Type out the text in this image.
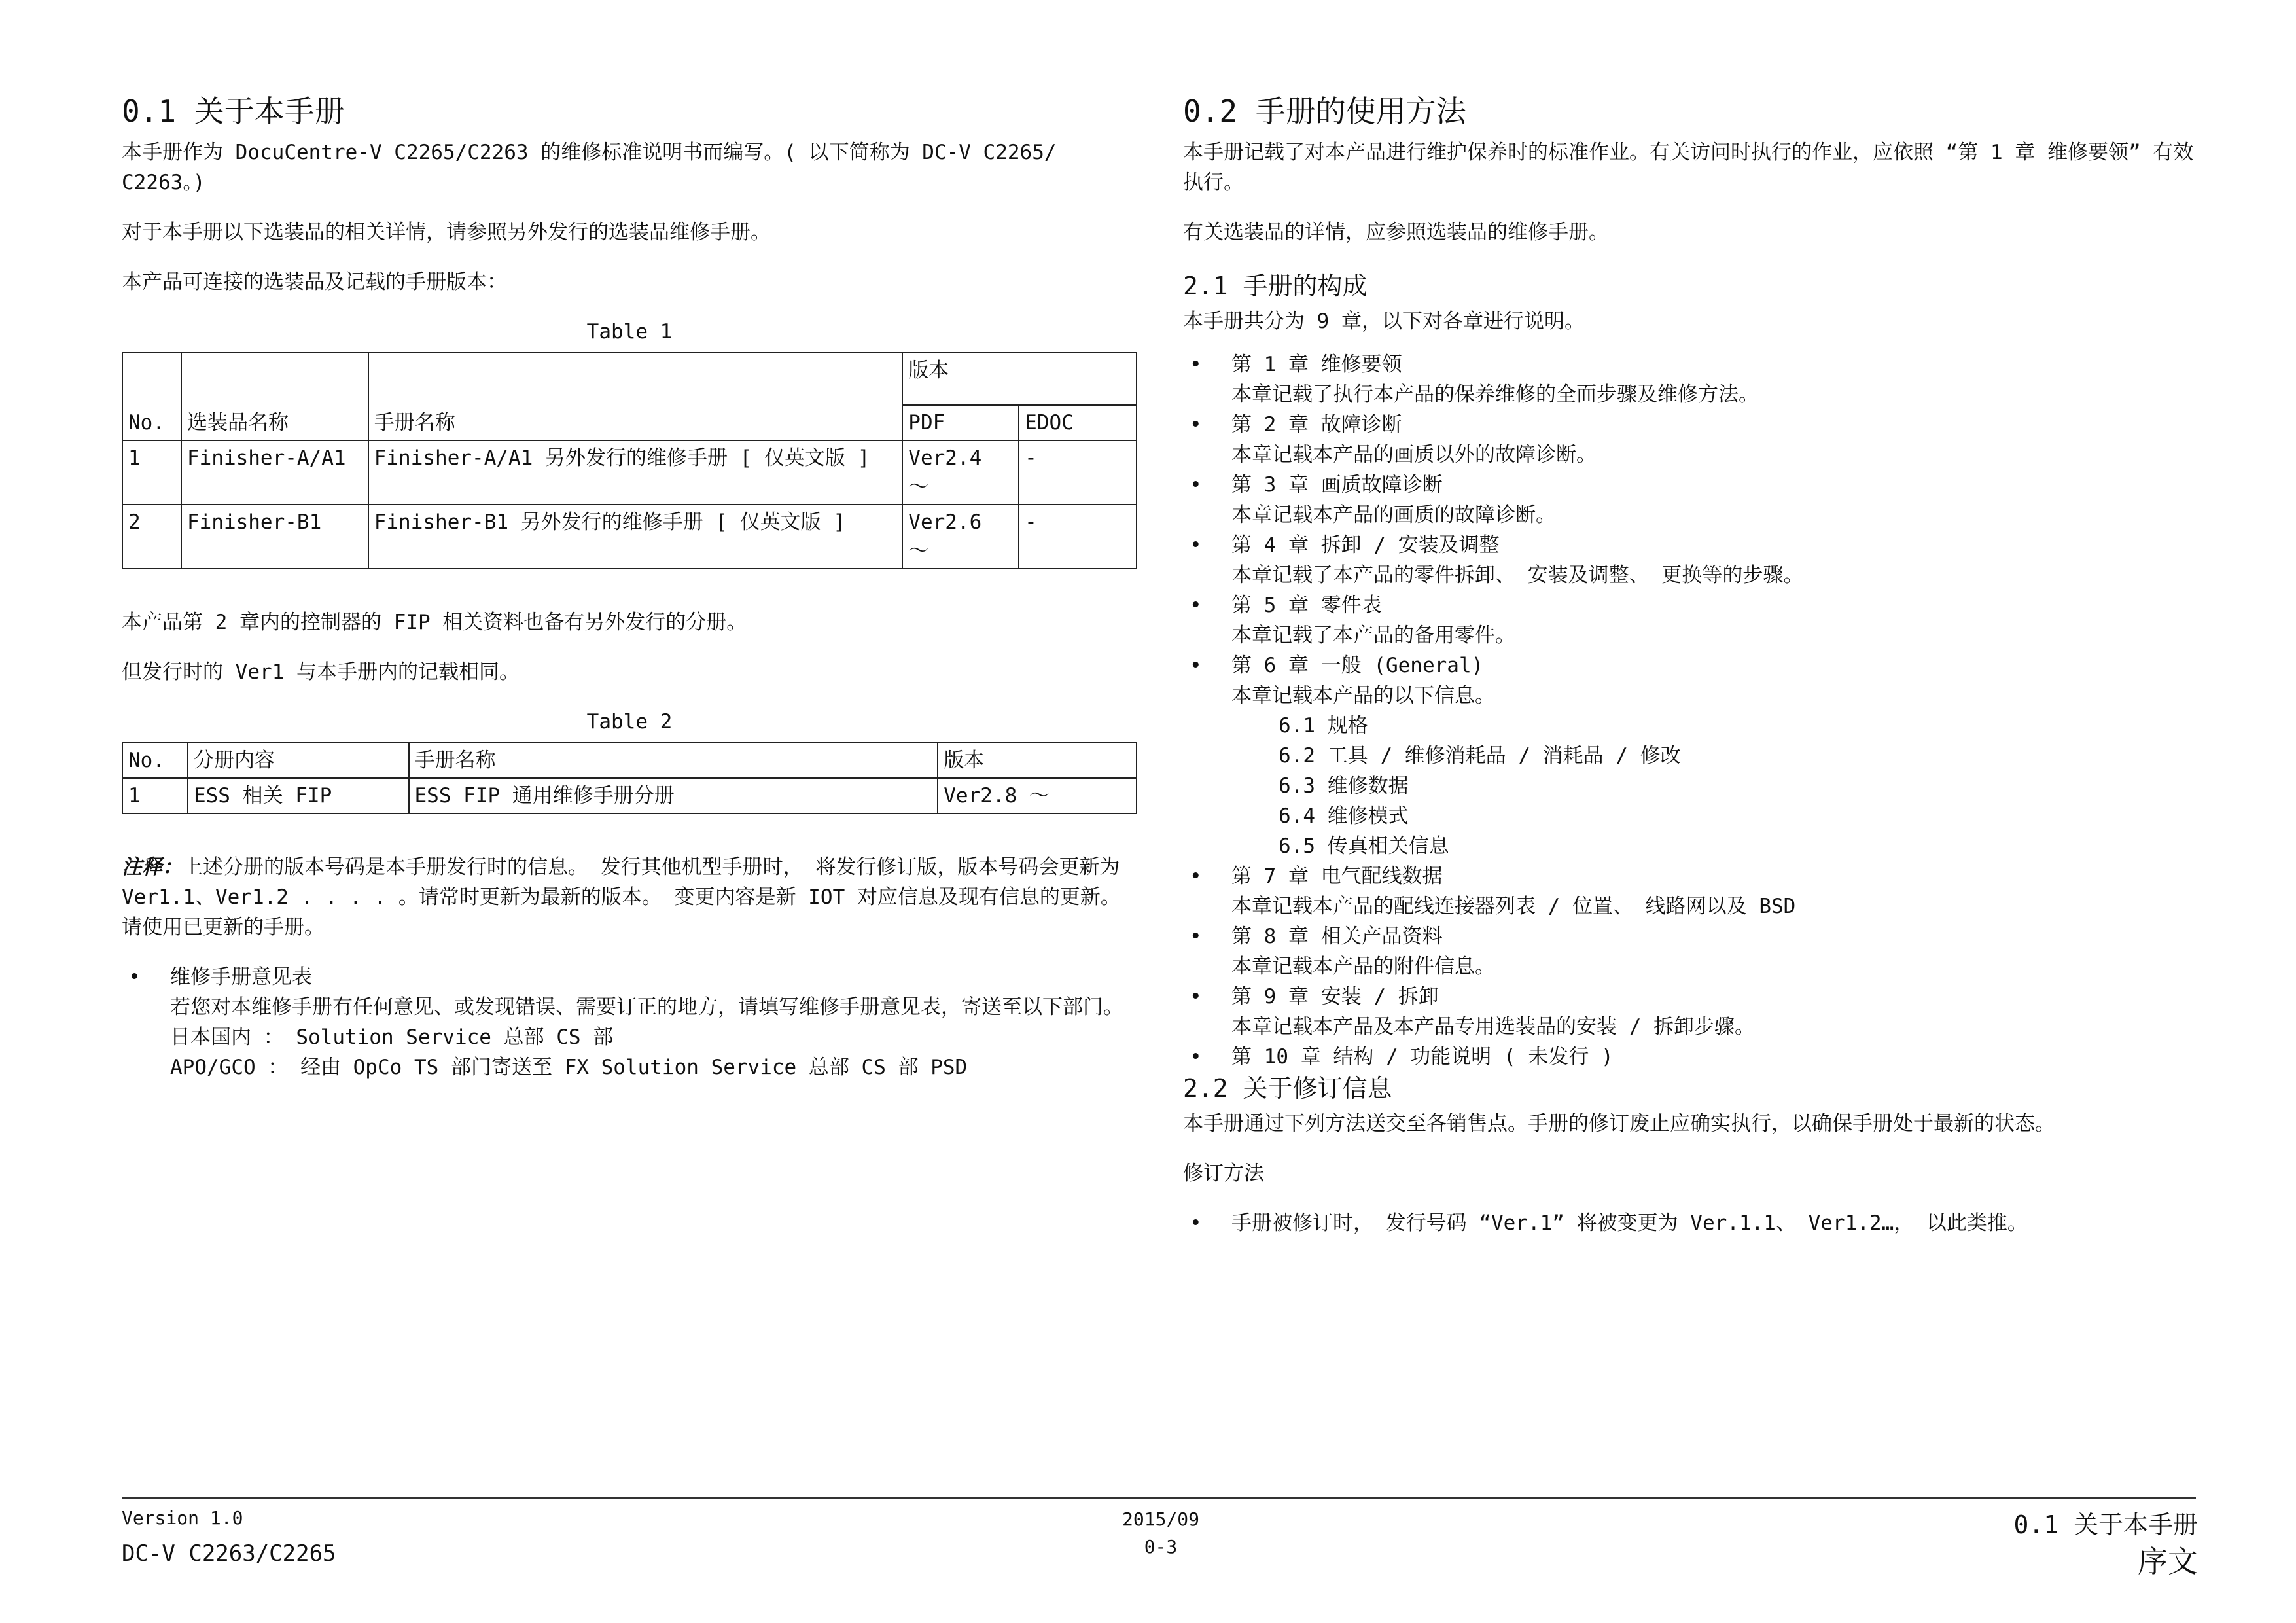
0.1 关于本手册

本手册作为 DocuCentre-V C2265/C2263 的维修标准说明书而编写。( 以下简称为 DC-V C2265/ C2263。)

对于本手册以下选装品的相关详情，请参照另外发行的选装品维修手册。

本产品可连接的选装品及记载的手册版本：

Table 1
No.	选装品名称	手册名称	版本	
			PDF	EDOC
1	Finisher-A/A1	Finisher-A/A1 另外发行的维修手册 [ 仅英文版 ]	Ver2.4 ～	-
2	Finisher-B1	Finisher-B1 另外发行的维修手册 [ 仅英文版 ]	Ver2.6 ～	-

本产品第 2 章内的控制器的 FIP 相关资料也备有另外发行的分册。

但发行时的 Ver1 与本手册内的记载相同。

Table 2
No.	分册内容	手册名称	版本
1	ESS 相关 FIP	ESS FIP 通用维修手册分册	Ver2.8 ～

注释：上述分册的版本号码是本手册发行时的信息。 发行其他机型手册时， 将发行修订版，版本号码会更新为 Ver1.1、Ver1.2 . . . . 。请常时更新为最新的版本。 变更内容是新 IOT 对应信息及现有信息的更新。 请使用已更新的手册。

• 维修手册意见表
若您对本维修手册有任何意见、或发现错误、需要订正的地方，请填写维修手册意见表，寄送至以下部门。
日本国内 ： Solution Service 总部 CS 部
APO/GCO ： 经由 OpCo TS 部门寄送至 FX Solution Service 总部 CS 部 PSD
0.2 手册的使用方法

本手册记载了对本产品进行维护保养时的标准作业。有关访问时执行的作业，应依照 “第 1 章 维修要领” 有效执行。

有关选装品的详情，应参照选装品的维修手册。

2.1 手册的构成

本手册共分为 9 章，以下对各章进行说明。

• 第 1 章 维修要领
本章记载了执行本产品的保养维修的全面步骤及维修方法。
• 第 2 章 故障诊断
本章记载本产品的画质以外的故障诊断。
• 第 3 章 画质故障诊断
本章记载本产品的画质的故障诊断。
• 第 4 章 拆卸 / 安装及调整
本章记载了本产品的零件拆卸、 安装及调整、 更换等的步骤。
• 第 5 章 零件表
本章记载了本产品的备用零件。
• 第 6 章 一般 (General)
本章记载本产品的以下信息。
6.1 规格
6.2 工具 / 维修消耗品 / 消耗品 / 修改
6.3 维修数据
6.4 维修模式
6.5 传真相关信息
• 第 7 章 电气配线数据
本章记载本产品的配线连接器列表 / 位置、 线路网以及 BSD
• 第 8 章 相关产品资料
本章记载本产品的附件信息。
• 第 9 章 安装 / 拆卸
本章记载本产品及本产品专用选装品的安装 / 拆卸步骤。
• 第 10 章 结构 / 功能说明 ( 未发行 )
2.2 关于修订信息

本手册通过下列方法送交至各销售点。手册的修订废止应确实执行，以确保手册处于最新的状态。

修订方法

• 手册被修订时， 发行号码 “Ver.1” 将被变更为 Ver.1.1、 Ver1.2…， 以此类推。
Version 1.0
DC-V C2263/C2265
2015/09
0-3
0.1 关于本手册
序文
